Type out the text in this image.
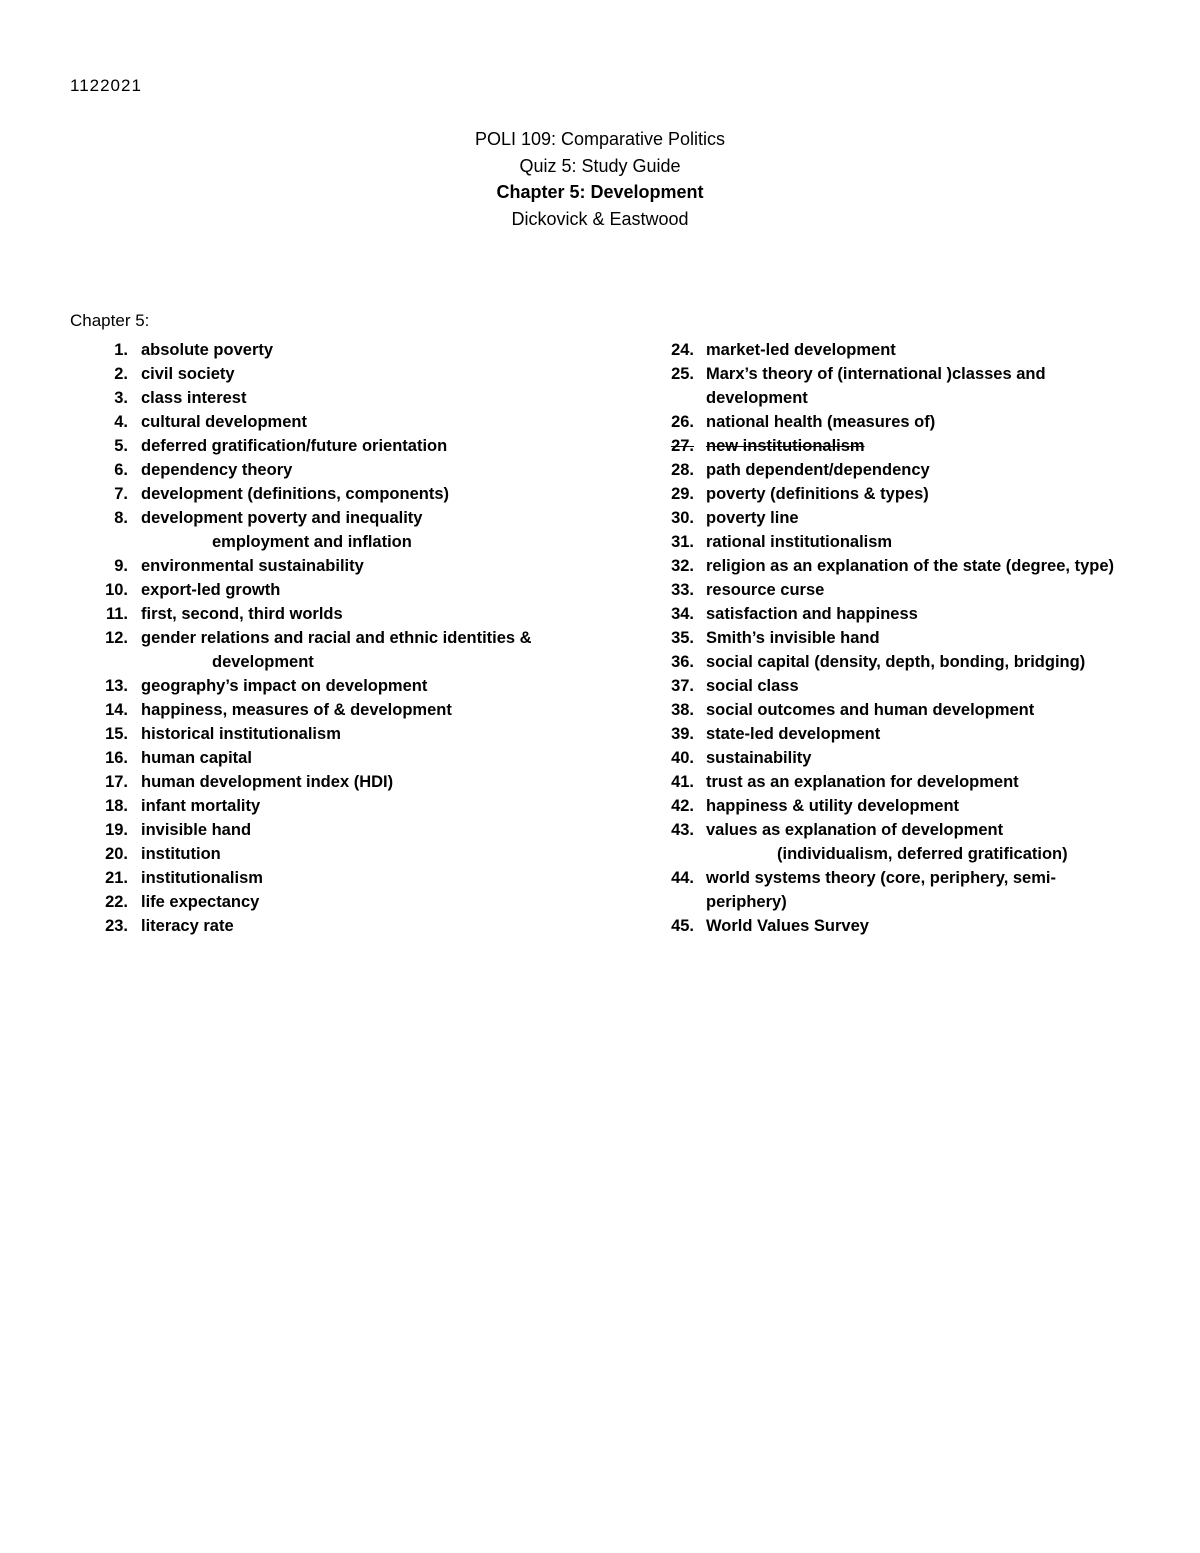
1122021
POLI 109: Comparative Politics
Quiz 5: Study Guide
Chapter 5: Development
Dickovick & Eastwood
Chapter 5:
1. absolute poverty
2. civil society
3. class interest
4. cultural development
5. deferred gratification/future orientation
6. dependency theory
7. development (definitions, components)
8. development poverty and inequality
employment and inflation
9. environmental sustainability
10. export-led growth
11. first, second, third worlds
12. gender relations and racial and ethnic identities &
development
13. geography’s impact on development
14. happiness, measures of & development
15. historical institutionalism
16. human capital
17. human development index (HDI)
18. infant mortality
19. invisible hand
20. institution
21. institutionalism
22. life expectancy
23. literacy rate
24. market-led development
25. Marx’s theory of (international )classes and
development
26. national health (measures of)
27. new institutionalism
28. path dependent/dependency
29. poverty (definitions & types)
30. poverty line
31. rational institutionalism
32. religion as an explanation of the state (degree, type)
33. resource curse
34. satisfaction and happiness
35. Smith’s invisible hand
36. social capital (density, depth, bonding, bridging)
37. social class
38. social outcomes and human development
39. state-led development
40. sustainability
41. trust as an explanation for development
42. happiness & utility development
43. values as explanation of development
(individualism, deferred gratification)
44. world systems theory (core, periphery, semi-
periphery)
45. World Values Survey
